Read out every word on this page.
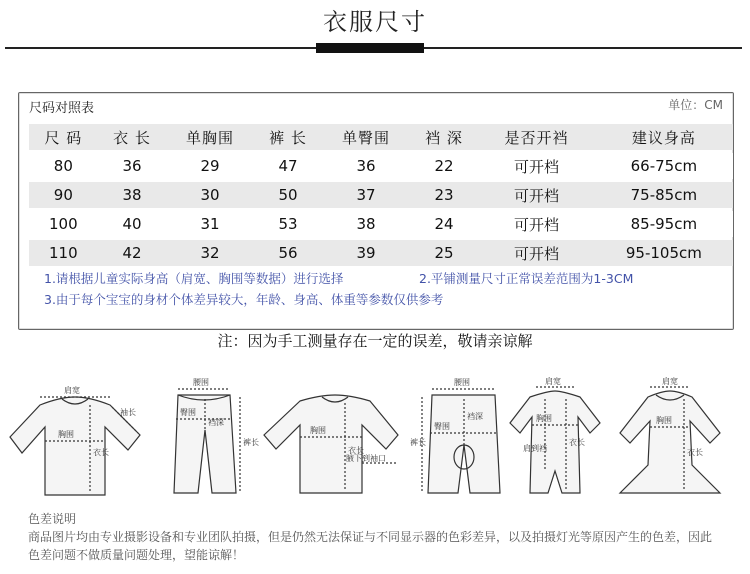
衣服尺寸
尺码对照表	单位：CM
尺 码	衣 长	单胸围	裤 长	单臀围	裆 深	是否开裆	建议身高
80	36	29	47	36	22	可开档	66-75cm
90	38	30	50	37	23	可开档	75-85cm
100	40	31	53	38	24	可开档	85-95cm
110	42	32	56	39	25	可开档	95-105cm
1.请根据儿童实际身高（肩宽、胸围等数据）进行选择	2.平铺测量尺寸正常误差范围为1-3CM
3.由于每个宝宝的身材个体差异较大，年龄、身高、体重等参数仅供参考
注：因为手工测量存在一定的误差，敬请亲谅解
肩宽
胸围
衣长
袖长
腰围
臀围
裆深
裤长
胸围
衣长
腋下到袖口
腰围
臀围
裆深
裤长
肩宽
胸围
衣长
肩到裆
肩宽
胸围
衣长
色差说明
商品图片均由专业摄影设备和专业团队拍摄，但是仍然无法保证与不同显示器的色彩差异，以及拍摄灯光等原因产生的色差，因此色差问题不做质量问题处理，望能谅解！
